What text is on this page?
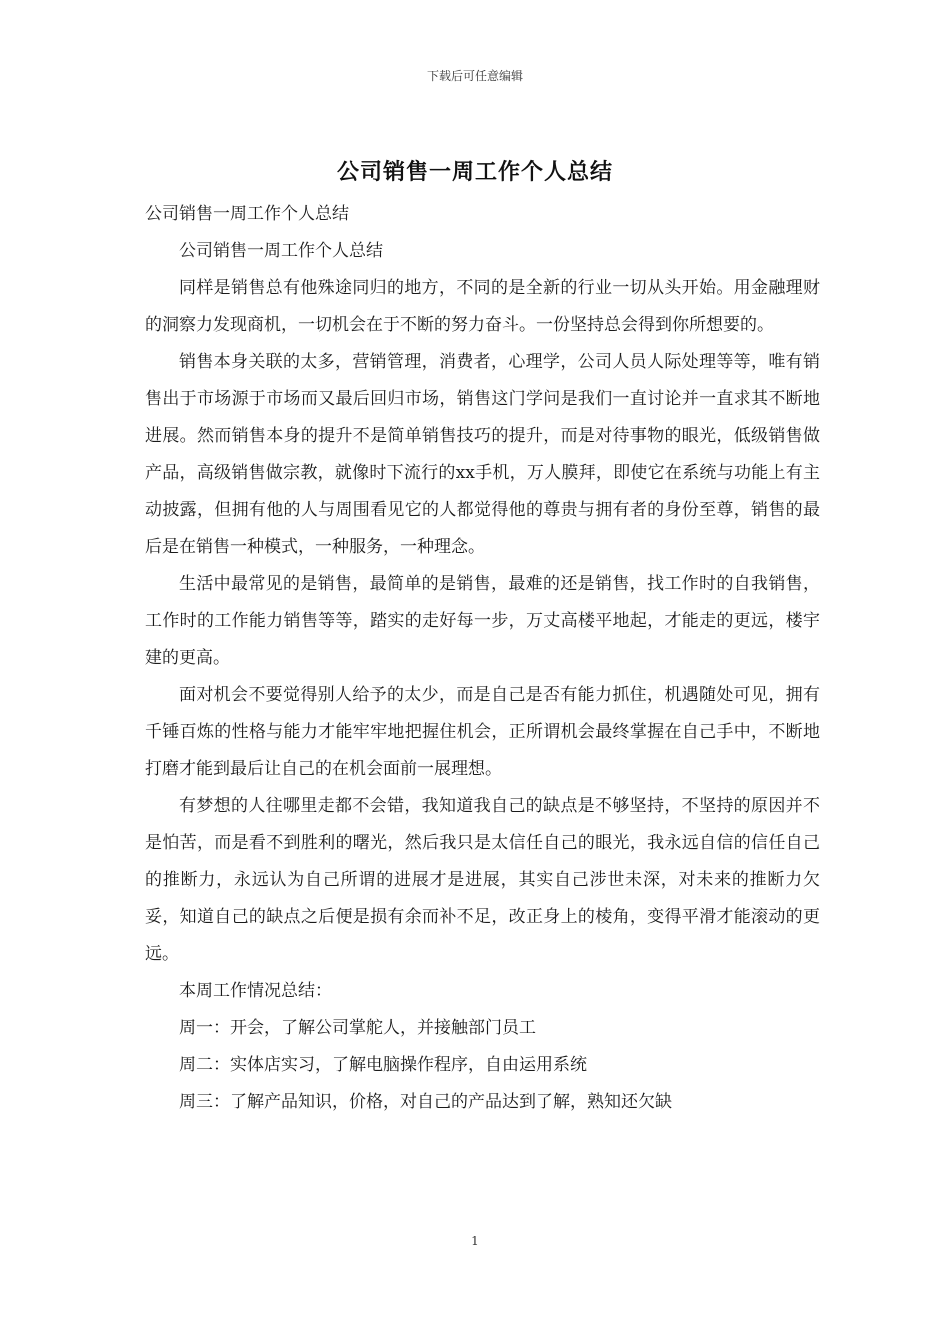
下载后可任意编辑
公司销售一周工作个人总结

公司销售一周工作个人总结

公司销售一周工作个人总结

同样是销售总有他殊途同归的地方，不同的是全新的行业一切从头开始。用金融理财的洞察力发现商机，一切机会在于不断的努力奋斗。一份坚持总会得到你所想要的。

销售本身关联的太多，营销管理，消费者，心理学，公司人员人际处理等等，唯有销售出于市场源于市场而又最后回归市场，销售这门学问是我们一直讨论并一直求其不断地进展。然而销售本身的提升不是简单销售技巧的提升，而是对待事物的眼光，低级销售做产品，高级销售做宗教，就像时下流行的xx手机，万人膜拜，即使它在系统与功能上有主动披露，但拥有他的人与周围看见它的人都觉得他的尊贵与拥有者的身份至尊，销售的最后是在销售一种模式，一种服务，一种理念。

生活中最常见的是销售，最简单的是销售，最难的还是销售，找工作时的自我销售，工作时的工作能力销售等等，踏实的走好每一步，万丈高楼平地起，才能走的更远，楼宇建的更高。

面对机会不要觉得别人给予的太少，而是自己是否有能力抓住，机遇随处可见，拥有千锤百炼的性格与能力才能牢牢地把握住机会，正所谓机会最终掌握在自己手中，不断地打磨才能到最后让自己的在机会面前一展理想。

有梦想的人往哪里走都不会错，我知道我自己的缺点是不够坚持，不坚持的原因并不是怕苦，而是看不到胜利的曙光，然后我只是太信任自己的眼光，我永远自信的信任自己的推断力，永远认为自己所谓的进展才是进展，其实自己涉世未深，对未来的推断力欠妥，知道自己的缺点之后便是损有余而补不足，改正身上的棱角，变得平滑才能滚动的更远。

本周工作情况总结：

周一：开会，了解公司掌舵人，并接触部门员工

周二：实体店实习，了解电脑操作程序，自由运用系统

周三：了解产品知识，价格，对自己的产品达到了解，熟知还欠缺

1
